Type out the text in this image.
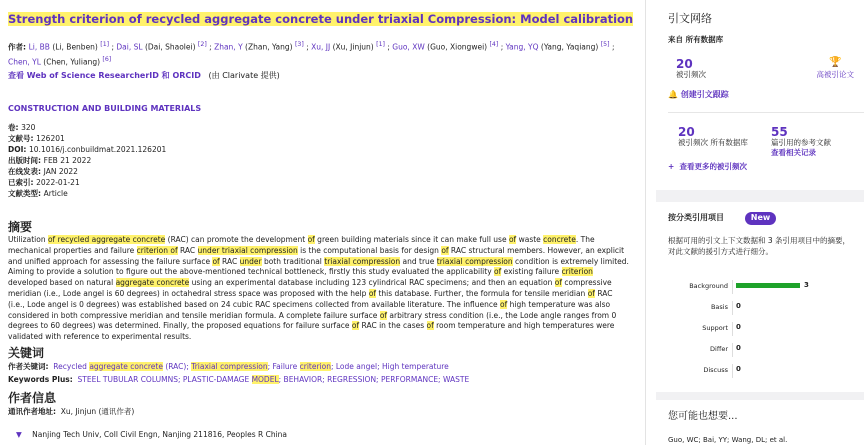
Strength criterion of recycled aggregate concrete under triaxial Compression: Model calibration
作者: Li, BB (Li, Benben) [1] ; Dai, SL (Dai, Shaolei) [2] ; Zhan, Y (Zhan, Yang) [3] ; Xu, JJ (Xu, Jinjun) [1] ; Guo, XW (Guo, Xiongwei) [4] ; Yang, YQ (Yang, Yaqiang) [5] ; Chen, YL (Chen, Yuliang) [6]
查看 Web of Science ResearcherID 和 ORCID (由 Clarivate 提供)
CONSTRUCTION AND BUILDING MATERIALS
卷: 320
文献号: 126201
DOI: 10.1016/j.conbuildmat.2021.126201
出版时间: FEB 21 2022
在线发表: JAN 2022
已索引: 2022-01-21
文献类型: Article
摘要
Utilization of recycled aggregate concrete (RAC) can promote the development of green building materials since it can make full use of waste concrete. The mechanical properties and failure criterion of RAC under triaxial compression is the computational basis for design of RAC structural members. However, an explicit and unified approach for assessing the failure surface of RAC under both traditional triaxial compression and true triaxial compression condition is extremely limited. Aiming to provide a solution to figure out the above-mentioned technical bottleneck, firstly this study evaluated the applicability of existing failure criterion developed based on natural aggregate concrete using an experimental database including 123 cylindrical RAC specimens; and then an equation of compressive meridian (i.e., Lode angel is 60 degrees) in octahedral stress space was proposed with the help of this database. Further, the formula for tensile meridian of RAC (i.e., Lode angel is 0 degrees) was established based on 24 cubic RAC specimens collected from available literature. The influence of high temperature was also considered in both compressive meridian and tensile meridian formula. A complete failure surface of arbitrary stress condition (i.e., the Lode angle ranges from 0 degrees to 60 degrees) was determined. Finally, the proposed equations for failure surface of RAC in the cases of room temperature and high temperatures were validated with reference to experimental results.
关键词
作者关键词: Recycled aggregate concrete (RAC); Triaxial compression; Failure criterion; Lode angel; High temperature
Keywords Plus: STEEL TUBULAR COLUMNS; PLASTIC-DAMAGE MODEL; BEHAVIOR; REGRESSION; PERFORMANCE; WASTE
作者信息
通讯作者地址: Xu, Jinjun (通讯作者)
▼ Nanjing Tech Univ, Coll Civil Engn, Nanjing 211816, Peoples R China
引文网络
来自 所有数据库
20
被引频次
🏆
高被引论文
🔔 创建引文跟踪
20
被引频次 所有数据库
55
篇引用的参考文献
查看相关记录
+ 查看更多的被引频次
按分类引用项目	New
根据可用的引文上下文数据和 3 条引用项目中的摘要，对此文献的援引方式进行细分。
Background	3
Basis 0
Support 0
Differ 0
Discuss 0
您可能也想要...
Guo, WC; Bai, YY; Wang, DL; et al.
